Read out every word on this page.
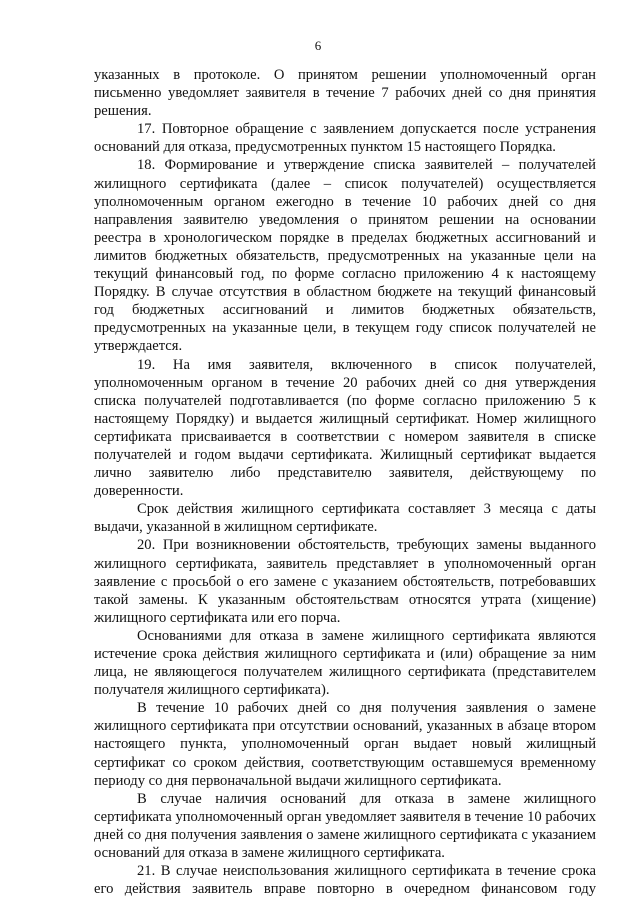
6

указанных в протоколе. О принятом решении уполномоченный орган письменно уведомляет заявителя в течение 7 рабочих дней со дня принятия решения.

17. Повторное обращение с заявлением допускается после устранения оснований для отказа, предусмотренных пунктом 15 настоящего Порядка.

18. Формирование и утверждение списка заявителей – получателей жилищного сертификата (далее – список получателей) осуществляется уполномоченным органом ежегодно в течение 10 рабочих дней со дня направления заявителю уведомления о принятом решении на основании реестра в хронологическом порядке в пределах бюджетных ассигнований и лимитов бюджетных обязательств, предусмотренных на указанные цели на текущий финансовый год, по форме согласно приложению 4 к настоящему Порядку. В случае отсутствия в областном бюджете на текущий финансовый год бюджетных ассигнований и лимитов бюджетных обязательств, предусмотренных на указанные цели, в текущем году список получателей не утверждается.

19. На имя заявителя, включенного в список получателей, уполномоченным органом в течение 20 рабочих дней со дня утверждения списка получателей подготавливается (по форме согласно приложению 5 к настоящему Порядку) и выдается жилищный сертификат. Номер жилищного сертификата присваивается в соответствии с номером заявителя в списке получателей и годом выдачи сертификата. Жилищный сертификат выдается лично заявителю либо представителю заявителя, действующему по доверенности.

Срок действия жилищного сертификата составляет 3 месяца с даты выдачи, указанной в жилищном сертификате.

20. При возникновении обстоятельств, требующих замены выданного жилищного сертификата, заявитель представляет в уполномоченный орган заявление с просьбой о его замене с указанием обстоятельств, потребовавших такой замены. К указанным обстоятельствам относятся утрата (хищение) жилищного сертификата или его порча.

Основаниями для отказа в замене жилищного сертификата являются истечение срока действия жилищного сертификата и (или) обращение за ним лица, не являющегося получателем жилищного сертификата (представителем получателя жилищного сертификата).

В течение 10 рабочих дней со дня получения заявления о замене жилищного сертификата при отсутствии оснований, указанных в абзаце втором настоящего пункта, уполномоченный орган выдает новый жилищный сертификат со сроком действия, соответствующим оставшемуся временному периоду со дня первоначальной выдачи жилищного сертификата.

В случае наличия оснований для отказа в замене жилищного сертификата уполномоченный орган уведомляет заявителя в течение 10 рабочих дней со дня получения заявления о замене жилищного сертификата с указанием оснований для отказа в замене жилищного сертификата.

21. В случае неиспользования жилищного сертификата в течение срока его действия заявитель вправе повторно в очередном финансовом году
